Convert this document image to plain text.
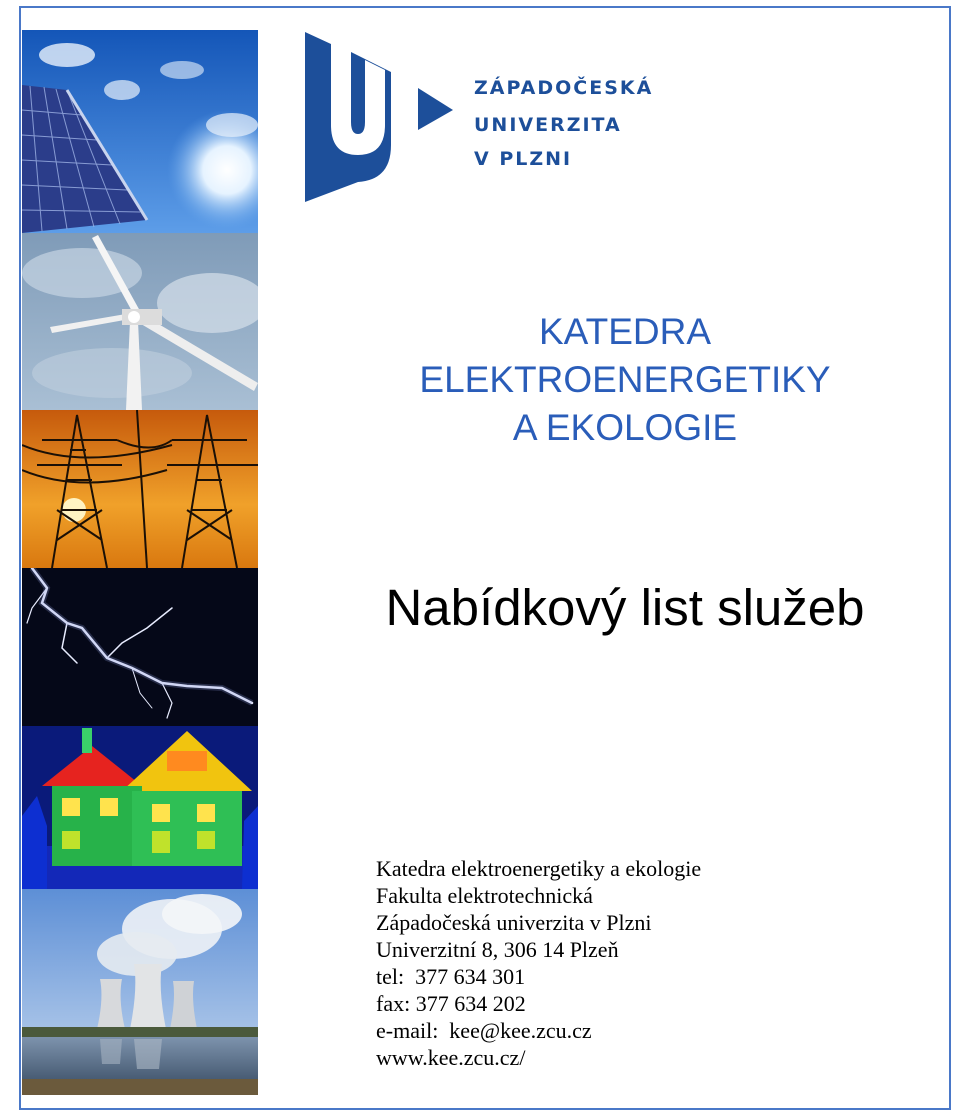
ZÁPADOČESKÁ
UNIVERZITA
V PLZNI
KATEDRA
ELEKTROENERGETIKY
A EKOLOGIE
Nabídkový list služeb
Katedra elektroenergetiky a ekologie
Fakulta elektrotechnická
Západočeská univerzita v Plzni
Univerzitní 8, 306 14 Plzeň
tel:  377 634 301
fax: 377 634 202
e-mail:  kee@kee.zcu.cz
www.kee.zcu.cz/
